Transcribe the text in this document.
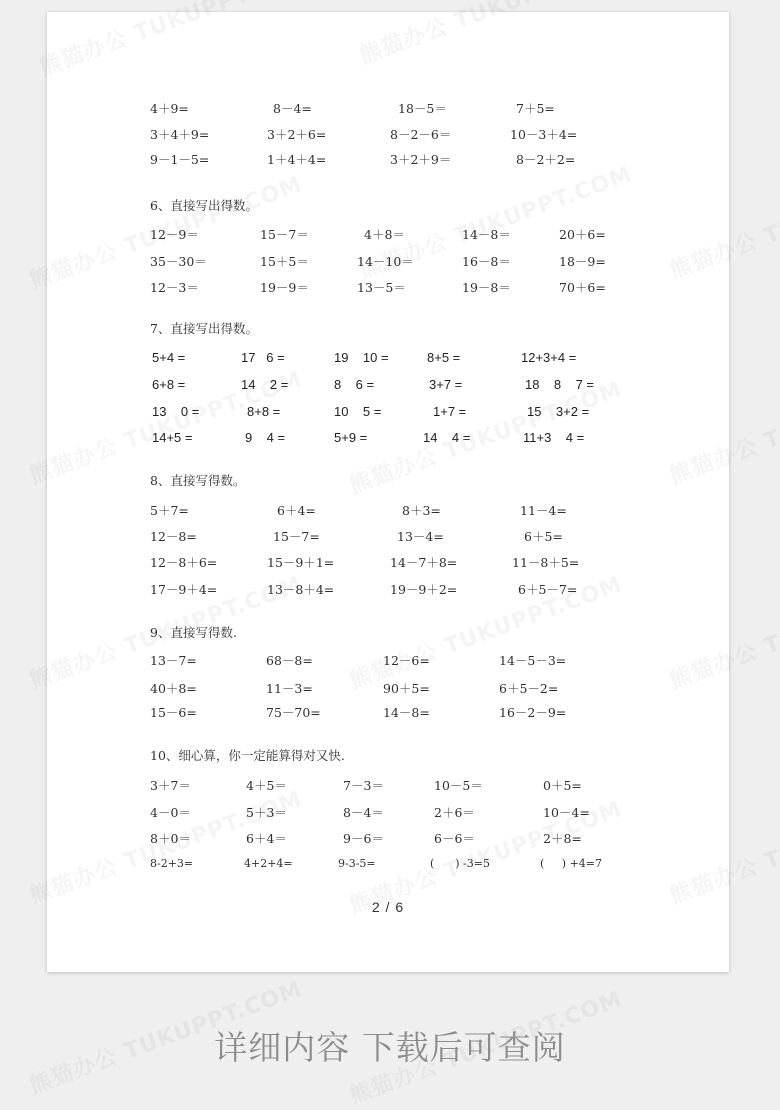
4＋9=	8－4=	18－5＝	7＋5=
3＋4＋9=	3＋2＋6=	8－2－6＝	10－3＋4=
9－1－5=	1＋4＋4=	3＋2＋9＝	8－2＋2=
6、直接写出得数。
12－9＝	15－7＝	4＋8＝	14－8＝	20＋6=
35－30＝	15＋5＝	14－10＝	16－8＝	18－9=
12－3＝	19－9＝	13－5＝	19－8＝	70＋6=
7、直接写出得数。
5+4 =	17   6 =	19    10 =	8+5 =	12+3+4 =
6+8 =	14    2 =	8    6 =	3+7 =	18    8    7 =
13    0 =	8+8 =	10    5 =	1+7 =	15    3+2 =
14+5 =	9    4 =	5+9 =	14    4 =	11+3    4 =
8、直接写得数。
5＋7=	6＋4=	8＋3=	11－4=
12－8=	15－7=	13－4=	6＋5=
12－8＋6=	15－9＋1=	14－7＋8=	11－8＋5=
17－9＋4=	13－8＋4=	19－9＋2=	6＋5－7=
9、直接写得数.
13－7=	68－8=	12－6=	14－5－3=
40＋8=	11－3=	90＋5=	6＋5－2=
15－6=	75－70=	14－8=	16－2－9=
10、细心算，你一定能算得对又快.
3＋7＝	4＋5＝	7－3＝	10－5＝	0＋5=
4－0＝	5＋3＝	8－4＝	2＋6＝	10－4=
8＋0＝	6＋4＝	9－6＝	6－6＝	2＋8=
8-2+3=	4+2+4=	9-3-5=	(      ) -3=5	(     ) +4=7
2 / 6
详细内容 下载后可查阅
